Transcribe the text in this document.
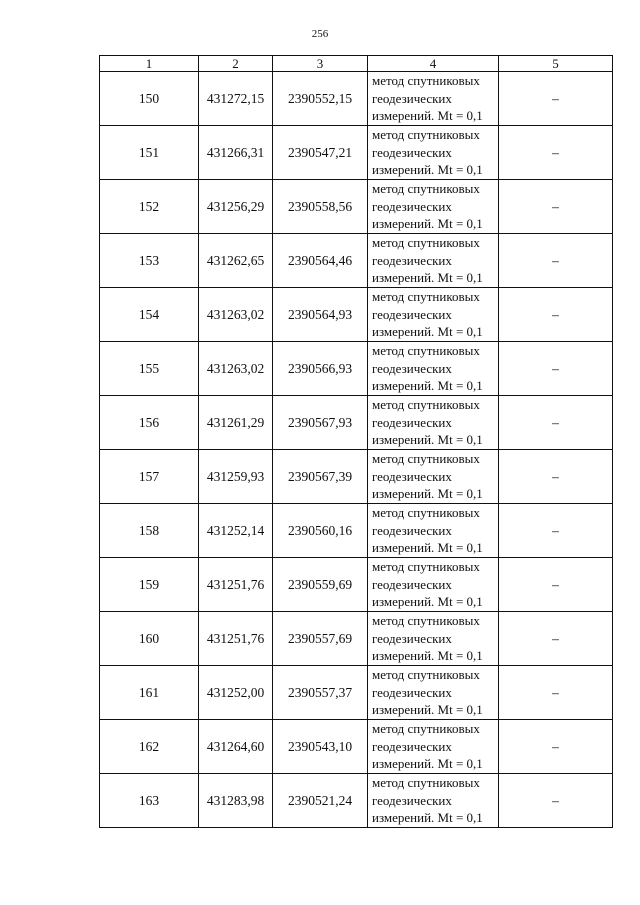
256
1	2	3	4	5
150	431272,15	2390552,15	метод спутниковых
геодезических
измерений. Mt = 0,1	–
151	431266,31	2390547,21	метод спутниковых
геодезических
измерений. Mt = 0,1	–
152	431256,29	2390558,56	метод спутниковых
геодезических
измерений. Mt = 0,1	–
153	431262,65	2390564,46	метод спутниковых
геодезических
измерений. Mt = 0,1	–
154	431263,02	2390564,93	метод спутниковых
геодезических
измерений. Mt = 0,1	–
155	431263,02	2390566,93	метод спутниковых
геодезических
измерений. Mt = 0,1	–
156	431261,29	2390567,93	метод спутниковых
геодезических
измерений. Mt = 0,1	–
157	431259,93	2390567,39	метод спутниковых
геодезических
измерений. Mt = 0,1	–
158	431252,14	2390560,16	метод спутниковых
геодезических
измерений. Mt = 0,1	–
159	431251,76	2390559,69	метод спутниковых
геодезических
измерений. Mt = 0,1	–
160	431251,76	2390557,69	метод спутниковых
геодезических
измерений. Mt = 0,1	–
161	431252,00	2390557,37	метод спутниковых
геодезических
измерений. Mt = 0,1	–
162	431264,60	2390543,10	метод спутниковых
геодезических
измерений. Mt = 0,1	–
163	431283,98	2390521,24	метод спутниковых
геодезических
измерений. Mt = 0,1	–
